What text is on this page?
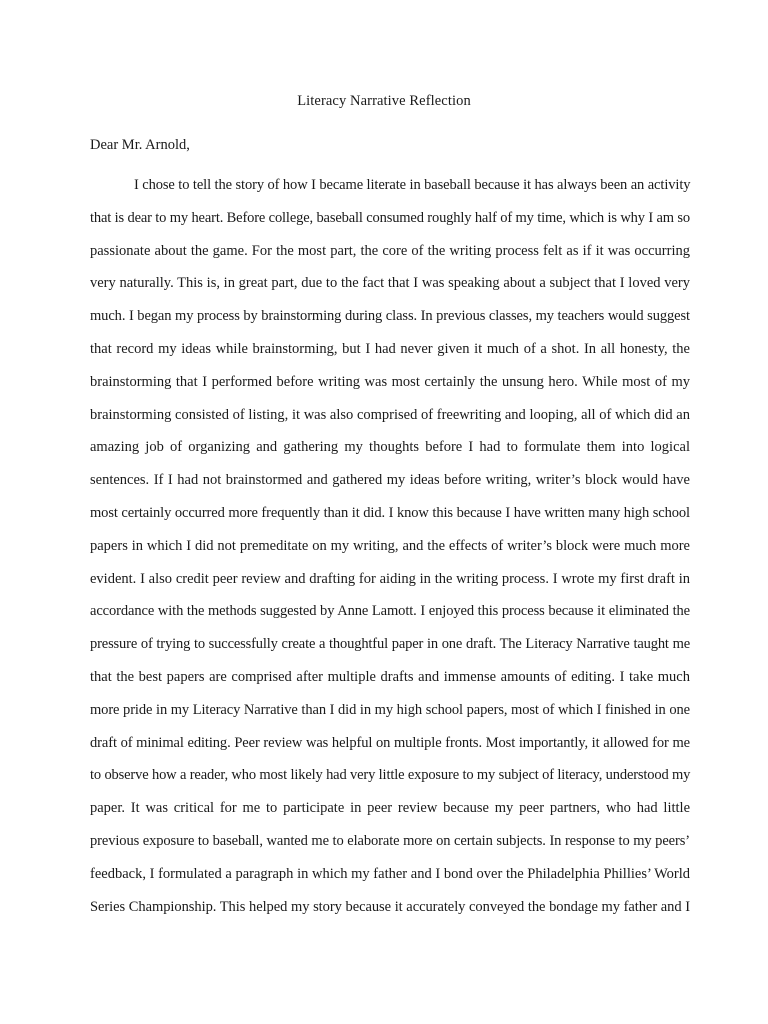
Literacy Narrative Reflection
Dear Mr. Arnold,
I chose to tell the story of how I became literate in baseball because it has always been an activity
that is dear to my heart. Before college, baseball consumed roughly half of my time, which is why I am so
passionate about the game. For the most part, the core of the writing process felt as if it was occurring
very naturally. This is, in great part, due to the fact that I was speaking about a subject that I loved very
much. I began my process by brainstorming during class. In previous classes, my teachers would suggest
that record my ideas while brainstorming, but I had never given it much of a shot. In all honesty, the
brainstorming that I performed before writing was most certainly the unsung hero. While most of my
brainstorming consisted of listing, it was also comprised of freewriting and looping, all of which did an
amazing job of organizing and gathering my thoughts before I had to formulate them into logical
sentences. If I had not brainstormed and gathered my ideas before writing, writer’s block would have
most certainly occurred more frequently than it did. I know this because I have written many high school
papers in which I did not premeditate on my writing, and the effects of writer’s block were much more
evident. I also credit peer review and drafting for aiding in the writing process. I wrote my first draft in
accordance with the methods suggested by Anne Lamott. I enjoyed this process because it eliminated the
pressure of trying to successfully create a thoughtful paper in one draft. The Literacy Narrative taught me
that the best papers are comprised after multiple drafts and immense amounts of editing. I take much
more pride in my Literacy Narrative than I did in my high school papers, most of which I finished in one
draft of minimal editing. Peer review was helpful on multiple fronts. Most importantly, it allowed for me
to observe how a reader, who most likely had very little exposure to my subject of literacy, understood my
paper. It was critical for me to participate in peer review because my peer partners, who had little
previous exposure to baseball, wanted me to elaborate more on certain subjects. In response to my peers’
feedback, I formulated a paragraph in which my father and I bond over the Philadelphia Phillies’ World
Series Championship. This helped my story because it accurately conveyed the bondage my father and I
